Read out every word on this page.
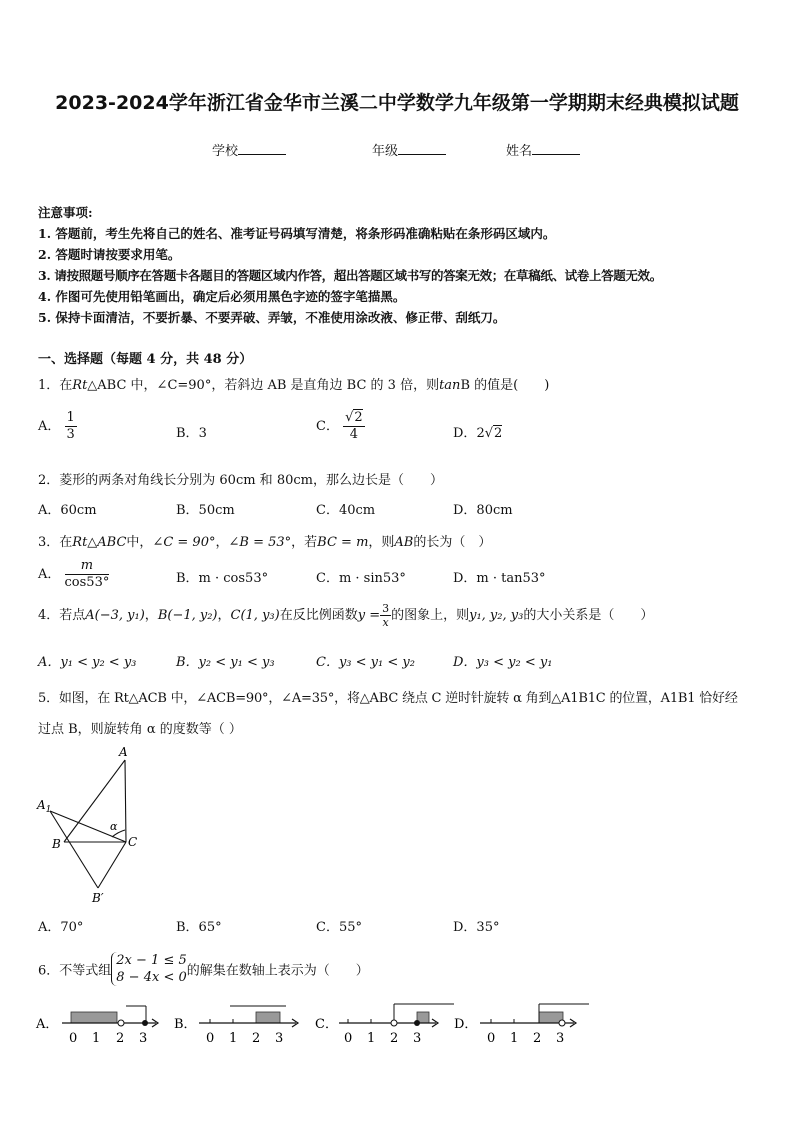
2023-2024学年浙江省金华市兰溪二中学数学九年级第一学期期末经典模拟试题
学校	年级	姓名
注意事项:
1. 答题前，考生先将自己的姓名、准考证号码填写清楚，将条形码准确粘贴在条形码区域内。
2. 答题时请按要求用笔。
3. 请按照题号顺序在答题卡各题目的答题区域内作答，超出答题区域书写的答案无效；在草稿纸、试卷上答题无效。
4. 作图可先使用铅笔画出，确定后必须用黑色字迹的签字笔描黑。
5. 保持卡面清洁，不要折暴、不要弄破、弄皱，不准使用涂改液、修正带、刮纸刀。
一、选择题（每题 4 分，共 48 分）
1．在Rt△ABC 中，∠C=90°，若斜边 AB 是直角边 BC 的 3 倍，则tanB 的值是(　　)
A． $\frac{1}{3}$	B．3	C． $\frac{√2}{4}$	D．2√2
2．菱形的两条对角线长分别为 60cm 和 80cm，那么边长是（　　）
A．60cm	B．50cm	C．40cm	D．80cm
3．在Rt△ABC中，∠C = 90°，∠B = 53°，若BC = m，则AB的长为（　）
A． $\frac{m}{\cos 53^\circ}$	B．m · cos53°	C．m · sin53°	D．m · tan53°
4．若点A(−3, y₁)，B(−1, y₂)，C(1, y₃)在反比例函数$y = \frac{3}{x}$ 的图象上，则y₁, y₂, y₃的大小关系是（　　）
A．y₁ < y₂ < y₃	B．y₂ < y₁ < y₃	C．y₃ < y₁ < y₂	D．y₃ < y₂ < y₁
5．如图，在 Rt△ACB 中，∠ACB=90°，∠A=35°，将△ABC 绕点 C 逆时针旋转 α 角到△A1B1C 的位置，A1B1 恰好经
过点 B，则旋转角 α 的度数等（ ）
A
$A_1$
B	C
B′
α
A．70°	B．65°	C．55°	D．35°
6．不等式组
2x − 1 ≤ 5
8 − 4x < 0 的解集在数轴上表示为（　　）
A．
0 1 2 3
B．
0 1 2 3
C．
0 1 2 3
D．
0 1 2 3
